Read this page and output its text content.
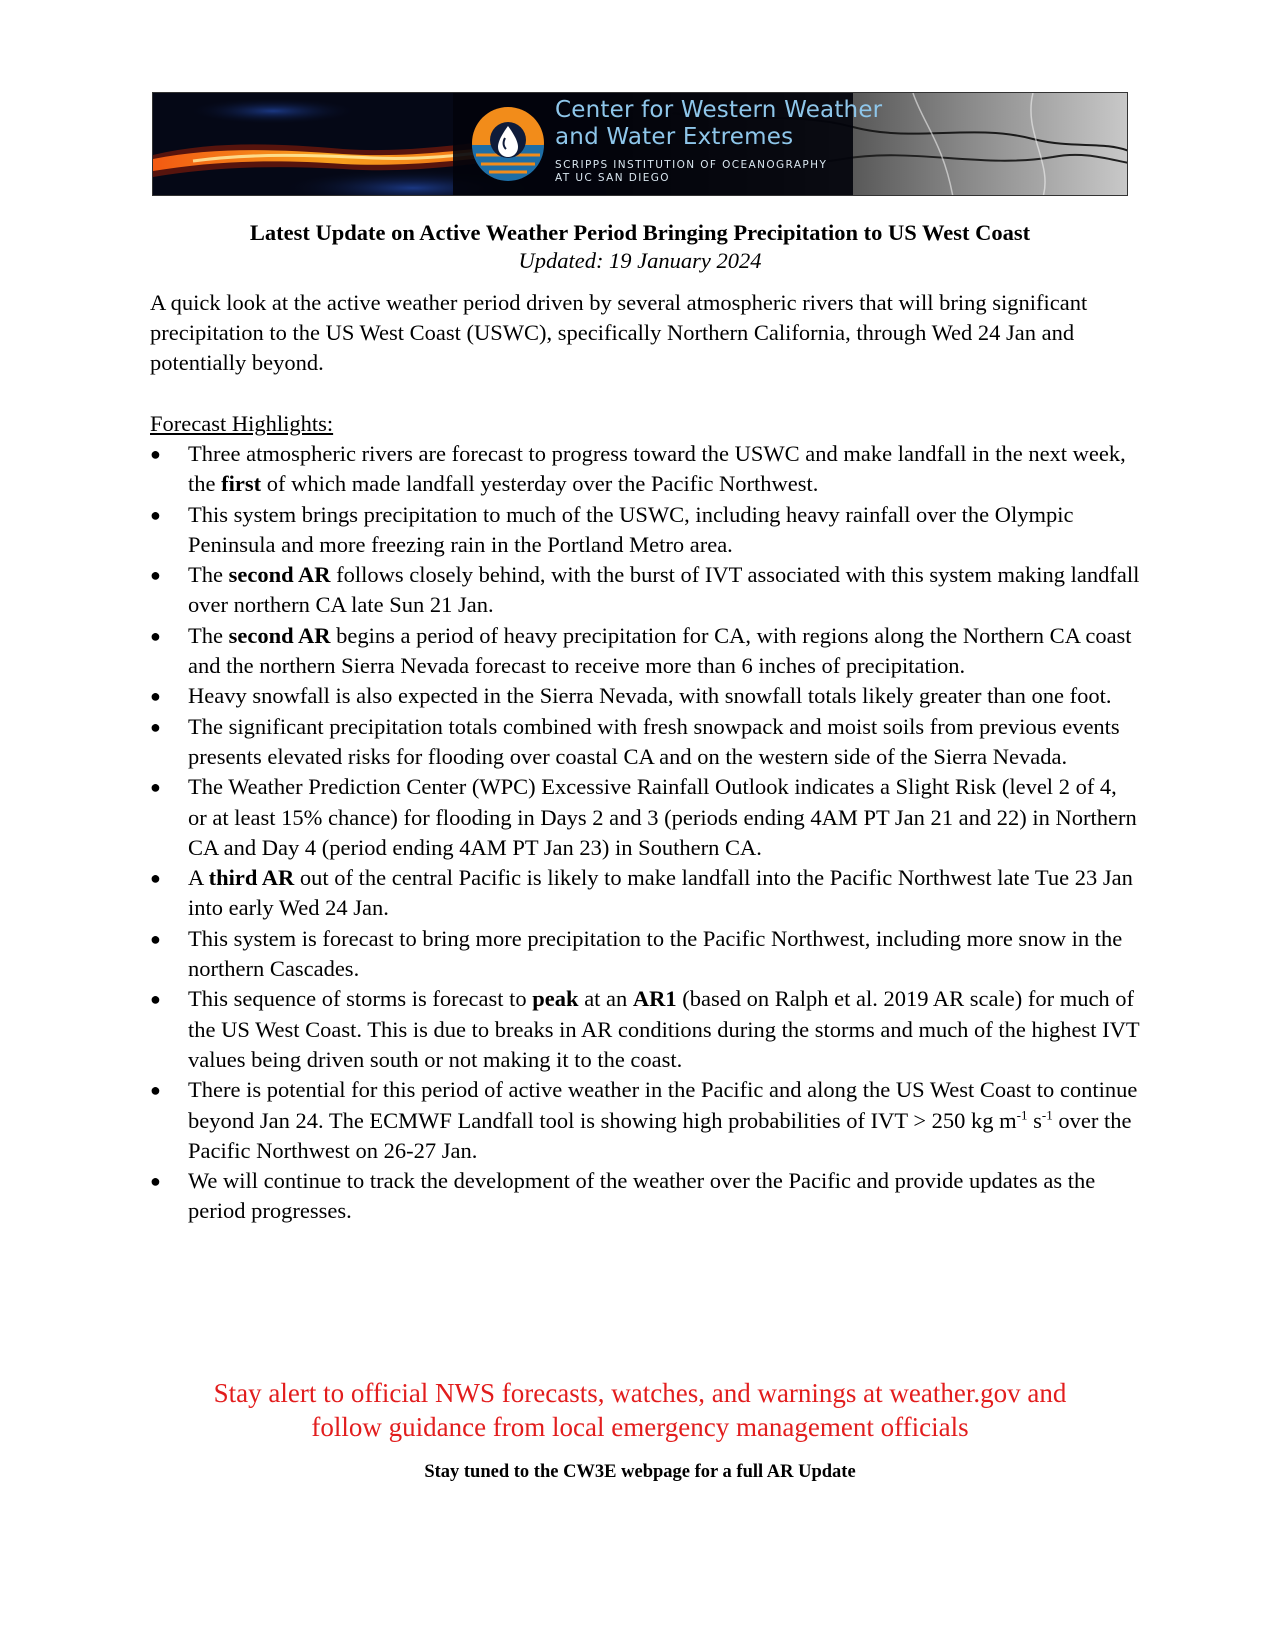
Center for Western Weather
and Water Extremes
SCRIPPS INSTITUTION OF OCEANOGRAPHY
AT UC SAN DIEGO
Latest Update on Active Weather Period Bringing Precipitation to US West Coast
Updated: 19 January 2024

A quick look at the active weather period driven by several atmospheric rivers that will bring significant precipitation to the US West Coast (USWC), specifically Northern California, through Wed 24 Jan and potentially beyond.

Forecast Highlights:
● Three atmospheric rivers are forecast to progress toward the USWC and make landfall in the next week, the first of which made landfall yesterday over the Pacific Northwest.
● This system brings precipitation to much of the USWC, including heavy rainfall over the Olympic Peninsula and more freezing rain in the Portland Metro area.
● The second AR follows closely behind, with the burst of IVT associated with this system making landfall over northern CA late Sun 21 Jan.
● The second AR begins a period of heavy precipitation for CA, with regions along the Northern CA coast and the northern Sierra Nevada forecast to receive more than 6 inches of precipitation.
● Heavy snowfall is also expected in the Sierra Nevada, with snowfall totals likely greater than one foot.
● The significant precipitation totals combined with fresh snowpack and moist soils from previous events presents elevated risks for flooding over coastal CA and on the western side of the Sierra Nevada.
● The Weather Prediction Center (WPC) Excessive Rainfall Outlook indicates a Slight Risk (level 2 of 4, or at least 15% chance) for flooding in Days 2 and 3 (periods ending 4AM PT Jan 21 and 22) in Northern CA and Day 4 (period ending 4AM PT Jan 23) in Southern CA.
● A third AR out of the central Pacific is likely to make landfall into the Pacific Northwest late Tue 23 Jan into early Wed 24 Jan.
● This system is forecast to bring more precipitation to the Pacific Northwest, including more snow in the northern Cascades.
● This sequence of storms is forecast to peak at an AR1 (based on Ralph et al. 2019 AR scale) for much of the US West Coast. This is due to breaks in AR conditions during the storms and much of the highest IVT values being driven south or not making it to the coast.
● There is potential for this period of active weather in the Pacific and along the US West Coast to continue beyond Jan 24. The ECMWF Landfall tool is showing high probabilities of IVT > 250 kg $m^{-1}$ $s^{-1}$ over the Pacific Northwest on 26-27 Jan.
● We will continue to track the development of the weather over the Pacific and provide updates as the period progresses.
Stay alert to official NWS forecasts, watches, and warnings at weather.gov and
follow guidance from local emergency management officials
Stay tuned to the CW3E webpage for a full AR Update
